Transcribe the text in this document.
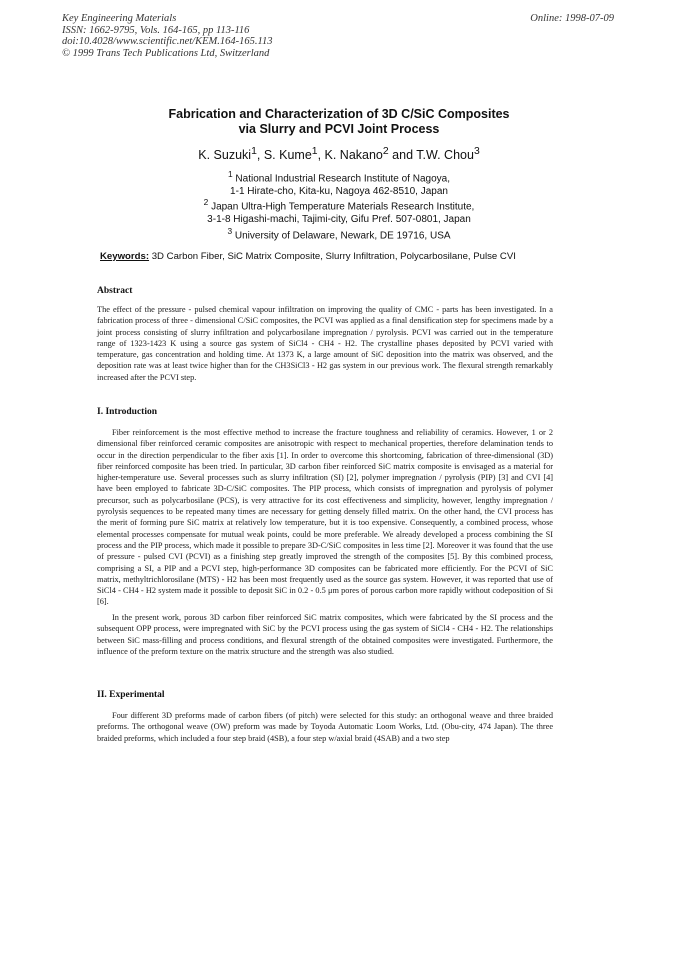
Key Engineering Materials
ISSN: 1662-9795, Vols. 164-165, pp 113-116
doi:10.4028/www.scientific.net/KEM.164-165.113
© 1999 Trans Tech Publications Ltd, Switzerland
Online: 1998-07-09
Fabrication and Characterization of 3D C/SiC Composites
via Slurry and PCVI Joint Process
K. Suzuki$^1$, S. Kume$^1$, K. Nakano$^2$ and T.W. Chou$^3$
$^1$ National Industrial Research Institute of Nagoya,
1-1 Hirate-cho, Kita-ku, Nagoya 462-8510, Japan
$^2$ Japan Ultra-High Temperature Materials Research Institute,
3-1-8 Higashi-machi, Tajimi-city, Gifu Pref. 507-0801, Japan
$^3$ University of Delaware, Newark, DE 19716, USA
Keywords: 3D Carbon Fiber, SiC Matrix Composite, Slurry Infiltration, Polycarbosilane, Pulse CVI
Abstract
The effect of the pressure - pulsed chemical vapour infiltration on improving the quality of CMC - parts has been investigated. In a fabrication process of three - dimensional C/SiC composites, the PCVI was applied as a final densification step for specimens made by a joint process consisting of slurry infiltration and polycarbosilane impregnation / pyrolysis. PCVI was carried out in the temperature range of 1323-1423 K using a source gas system of SiCl4 - CH4 - H2. The crystalline phases deposited by PCVI varied with temperature, gas concentration and holding time. At 1373 K, a large amount of SiC deposition into the matrix was observed, and the deposition rate was at least twice higher than for the CH3SiCl3 - H2 gas system in our previous work. The flexural strength remarkably increased after the PCVI step.
I. Introduction
Fiber reinforcement is the most effective method to increase the fracture toughness and reliability of ceramics. However, 1 or 2 dimensional fiber reinforced ceramic composites are anisotropic with respect to mechanical properties, therefore delamination tends to occur in the direction perpendicular to the fiber axis [1]. In order to overcome this shortcoming, fabrication of three-dimensional (3D) fiber reinforced composite has been tried. In particular, 3D carbon fiber reinforced SiC matrix composite is envisaged as a material for higher-temperature use. Several processes such as slurry infiltration (SI) [2], polymer impregnation / pyrolysis (PIP) [3] and CVI [4] have been employed to fabricate 3D-C/SiC composites. The PIP process, which consists of impregnation and pyrolysis of polymer precursor, such as polycarbosilane (PCS), is very attractive for its cost effectiveness and simplicity, however, lengthy impregnation / pyrolysis sequences to be repeated many times are necessary for getting densely filled matrix. On the other hand, the CVI process has the merit of forming pure SiC matrix at relatively low temperature, but it is too expensive. Consequently, a combined process, whose elemental processes compensate for mutual weak points, could be more preferable. We already developed a process combining the SI process and the PIP process, which made it possible to prepare 3D-C/SiC composites in less time [2]. Moreover it was found that the use of pressure - pulsed CVI (PCVI) as a finishing step greatly improved the strength of the composites [5]. By this combined process, comprising a SI, a PIP and a PCVI step, high-performance 3D composites can be fabricated more efficiently. For the PCVI of SiC matrix, methyltrichlorosilane (MTS) - H2 has been most frequently used as the source gas system. However, it was reported that use of SiCl4 - CH4 - H2 system made it possible to deposit SiC in 0.2 - 0.5 μm pores of porous carbon more rapidly without codeposition of Si [6].
In the present work, porous 3D carbon fiber reinforced SiC matrix composites, which were fabricated by the SI process and the subsequent OPP process, were impregnated with SiC by the PCVI process using the gas system of SiCl4 - CH4 - H2. The relationships between SiC mass-filling and process conditions, and flexural strength of the obtained composites were investigated. Furthermore, the influence of the preform texture on the matrix structure and the strength was also studied.
II. Experimental
Four different 3D preforms made of carbon fibers (of pitch) were selected for this study: an orthogonal weave and three braided preforms. The orthogonal weave (OW) preform was made by Toyoda Automatic Loom Works, Ltd. (Obu-city, 474 Japan). The three braided preforms, which included a four step braid (4SB), a four step w/axial braid (4SAB) and a two step
